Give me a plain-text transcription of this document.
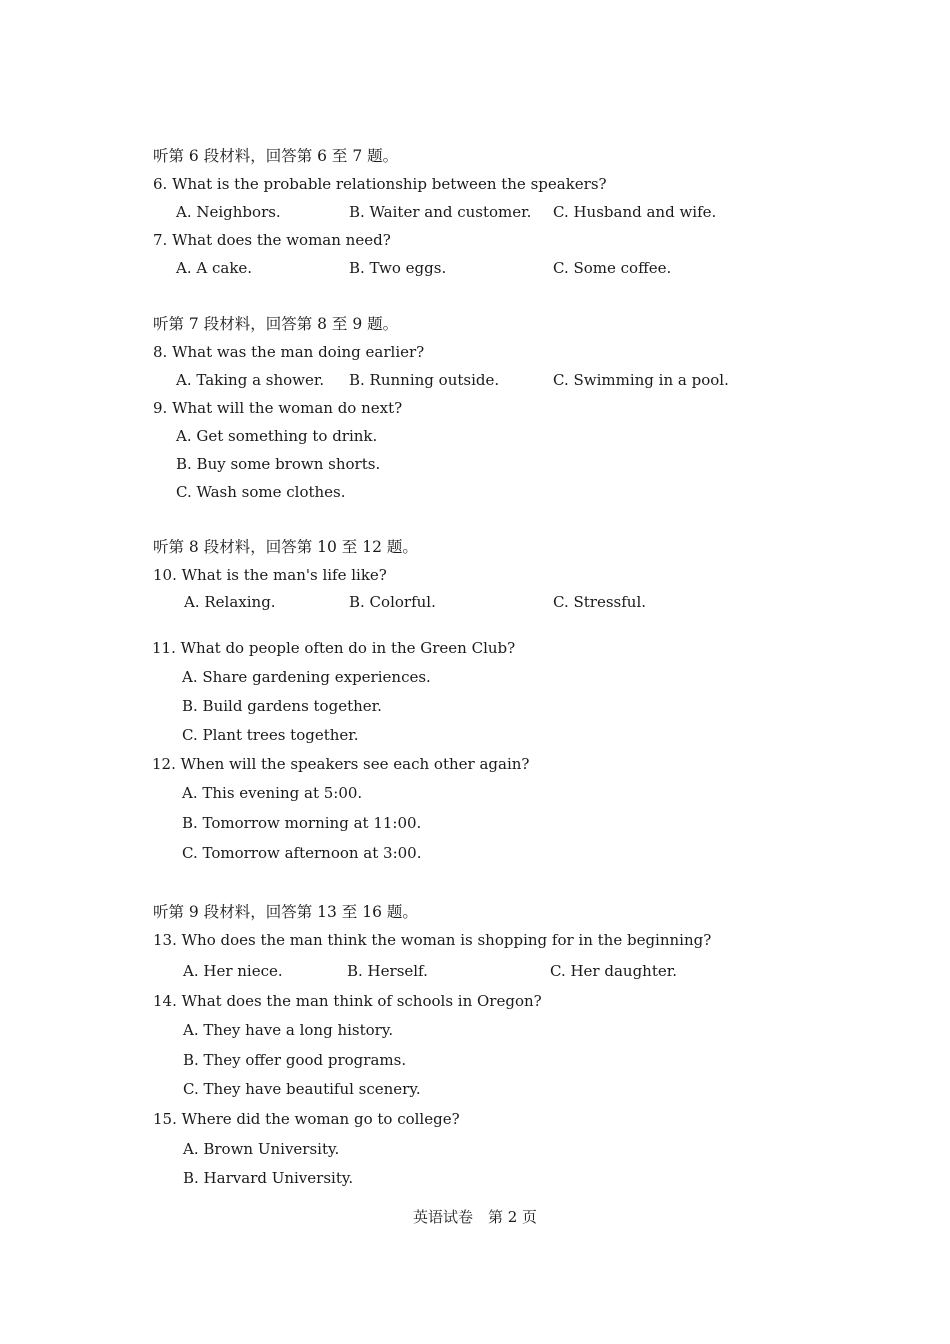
听第 6 段材料，回答第 6 至 7 题。
6. What is the probable relationship between the speakers?
A. Neighbors.	B. Waiter and customer. C. Husband and wife.
7. What does the woman need?
A. A cake.	B. Two eggs.	C. Some coffee.
听第 7 段材料，回答第 8 至 9 题。
8. What was the man doing earlier?
A. Taking a shower. B. Running outside.	C. Swimming in a pool.
9. What will the woman do next?
A. Get something to drink.
B. Buy some brown shorts.
C. Wash some clothes.
听第 8 段材料，回答第 10 至 12 题。
10. What is the man's life like?
A. Relaxing.	B. Colorful.	C. Stressful.
11. What do people often do in the Green Club?
A. Share gardening experiences.
B. Build gardens together.
C. Plant trees together.
12. When will the speakers see each other again?
A. This evening at 5:00.
B. Tomorrow morning at 11:00.
C. Tomorrow afternoon at 3:00.
听第 9 段材料，回答第 13 至 16 题。
13. Who does the man think the woman is shopping for in the beginning?
A. Her niece.	B. Herself.	C. Her daughter.
14. What does the man think of schools in Oregon?
A. They have a long history.
B. They offer good programs.
C. They have beautiful scenery.
15. Where did the woman go to college?
A. Brown University.
B. Harvard University.
英语试卷　第 2 页
